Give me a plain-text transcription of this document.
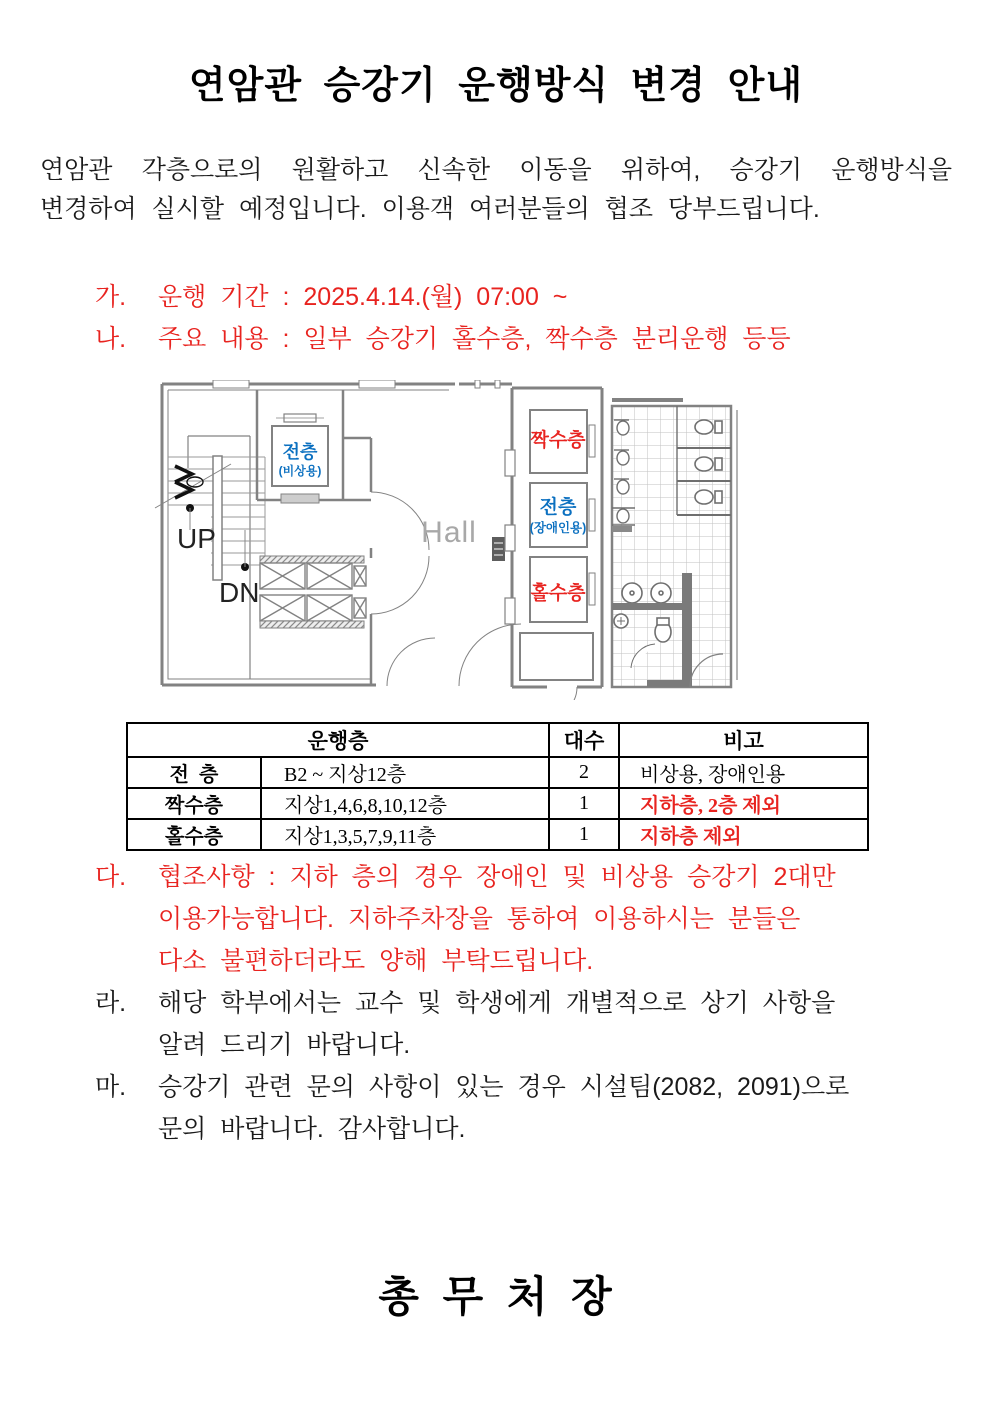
연암관 승강기 운행방식 변경 안내
연암관 각층으로의 원활하고 신속한 이동을 위하여, 승강기 운행방식을
변경하여 실시할 예정입니다. 이용객 여러분들의 협조 당부드립니다.
가. 운행 기간 : 2025.4.14.(월) 07:00 ~
나. 주요 내용 : 일부 승강기 홀수층, 짝수층 분리운행 등등
UP
DN
전층
(비상용)
Hall
짝수층
전층
(장애인용)
홀수층
운행층		대수	비고
전  층	B2 ~ 지상12층	2	비상용, 장애인용
짝수층	지상1,4,6,8,10,12층	1	지하층, 2층 제외
홀수층	지상1,3,5,7,9,11층	1	지하층 제외
다. 협조사항 : 지하 층의 경우 장애인 및 비상용 승강기 2대만
이용가능합니다. 지하주차장을 통하여 이용하시는 분들은
다소 불편하더라도 양해 부탁드립니다.
라. 해당 학부에서는 교수 및 학생에게 개별적으로 상기 사항을
알려 드리기 바랍니다.
마. 승강기 관련 문의 사항이 있는 경우 시설팀(2082, 2091)으로
문의 바랍니다. 감사합니다.
총 무 처 장
